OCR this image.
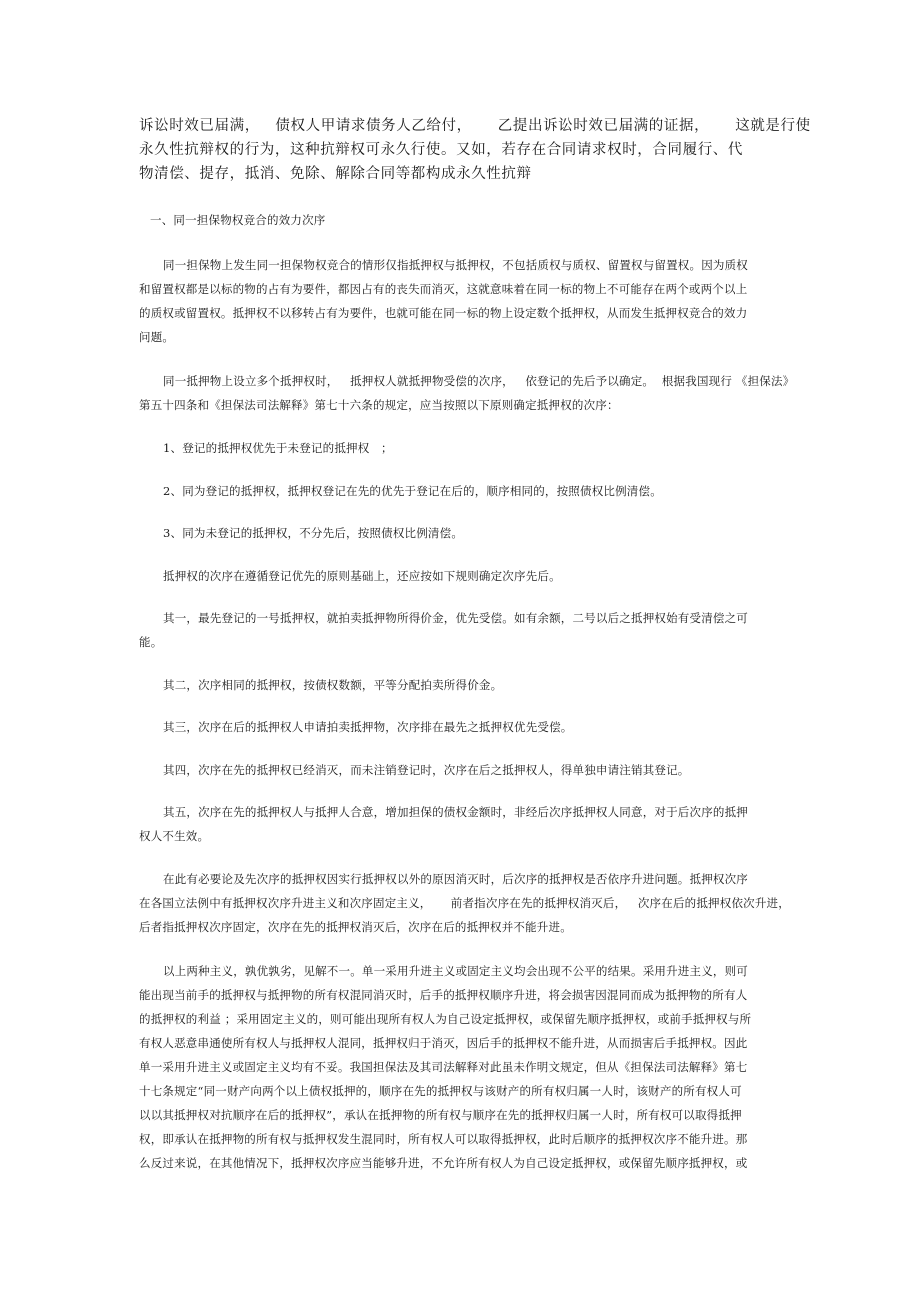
诉讼时效已届满，   债权人甲请求债务人乙给付，     乙提出诉讼时效已届满的证据，     这就是行使
永久性抗辩权的行为，这种抗辩权可永久行使。又如，若存在合同请求权时，合同履行、代
物清偿、提存，抵消、免除、解除合同等都构成永久性抗辩
一、同一担保物权竞合的效力次序
同一担保物上发生同一担保物权竞合的情形仅指抵押权与抵押权，不包括质权与质权、留置权与留置权。因为质权
和留置权都是以标的物的占有为要件，都因占有的丧失而消灭，这就意味着在同一标的物上不可能存在两个或两个以上
的质权或留置权。抵押权不以移转占有为要件，也就可能在同一标的物上设定数个抵押权，从而发生抵押权竞合的效力
问题。
同一抵押物上设立多个抵押权时，   抵押权人就抵押物受偿的次序，   依登记的先后予以确定。  根据我国现行 《担保法》
第五十四条和《担保法司法解释》第七十六条的规定，应当按照以下原则确定抵押权的次序：
1、登记的抵押权优先于未登记的抵押权   ；
2、同为登记的抵押权，抵押权登记在先的优先于登记在后的，顺序相同的，按照债权比例清偿。
3、同为未登记的抵押权，不分先后，按照债权比例清偿。
抵押权的次序在遵循登记优先的原则基础上，还应按如下规则确定次序先后。
其一，最先登记的一号抵押权，就拍卖抵押物所得价金，优先受偿。如有余额，二号以后之抵押权始有受清偿之可
能。
其二，次序相同的抵押权，按债权数额，平等分配拍卖所得价金。
其三，次序在后的抵押权人申请拍卖抵押物，次序排在最先之抵押权优先受偿。
其四，次序在先的抵押权已经消灭，而未注销登记时，次序在后之抵押权人，得单独申请注销其登记。
其五，次序在先的抵押权人与抵押人合意，增加担保的债权金额时，非经后次序抵押权人同意，对于后次序的抵押
权人不生效。
在此有必要论及先次序的抵押权因实行抵押权以外的原因消灭时，后次序的抵押权是否依序升进问题。抵押权次序
在各国立法例中有抵押权次序升进主义和次序固定主义，     前者指次序在先的抵押权消灭后，   次序在后的抵押权依次升进，
后者指抵押权次序固定，次序在先的抵押权消灭后，次序在后的抵押权并不能升进。
以上两种主义，孰优孰劣，见解不一。单一采用升进主义或固定主义均会出现不公平的结果。采用升进主义，则可
能出现当前手的抵押权与抵押物的所有权混同消灭时，后手的抵押权顺序升进，将会损害因混同而成为抵押物的所有人
的抵押权的利益 ；采用固定主义的，则可能出现所有权人为自己设定抵押权，或保留先顺序抵押权，或前手抵押权与所
有权人恶意串通使所有权人与抵押权人混同，抵押权归于消灭，因后手的抵押权不能升进，从而损害后手抵押权。因此
单一采用升进主义或固定主义均有不妥。我国担保法及其司法解释对此虽未作明文规定，但从《担保法司法解释》第七
十七条规定“同一财产向两个以上债权抵押的，顺序在先的抵押权与该财产的所有权归属一人时，该财产的所有权人可
以以其抵押权对抗顺序在后的抵押权”，承认在抵押物的所有权与顺序在先的抵押权归属一人时，所有权可以取得抵押
权，即承认在抵押物的所有权与抵押权发生混同时，所有权人可以取得抵押权，此时后顺序的抵押权次序不能升进。那
么反过来说，在其他情况下，抵押权次序应当能够升进，不允许所有权人为自己设定抵押权，或保留先顺序抵押权，或
